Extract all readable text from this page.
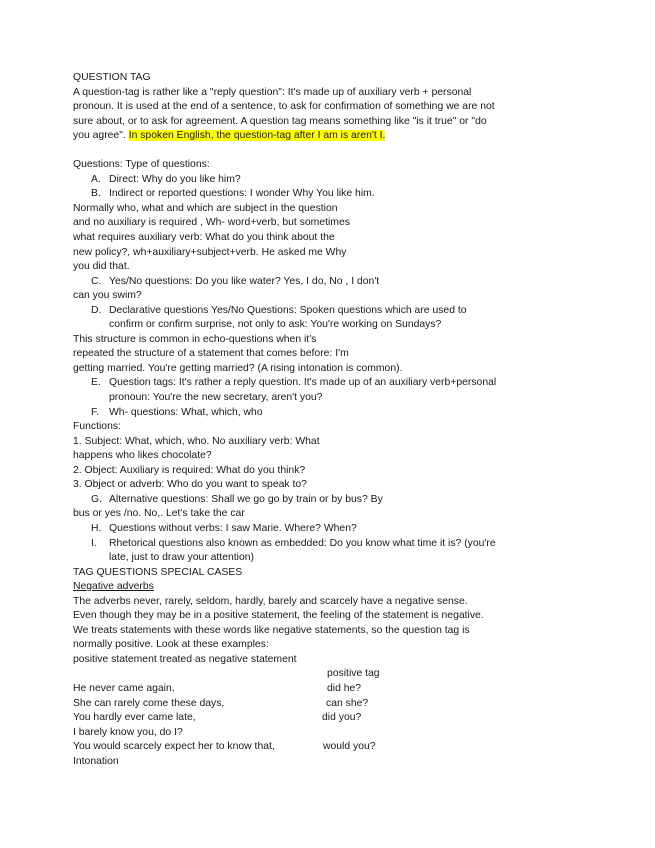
QUESTION TAG
A question-tag is rather like a "reply question": It's made up of auxiliary verb + personal
pronoun. It is used at the end of a sentence, to ask for confirmation of something we are not
sure about, or to ask for agreement. A question tag means something like "is it true" or "do
you agree". In spoken English, the question-tag after I am is aren't I.
Questions: Type of questions:
A. Direct: Why do you like him?
B. Indirect or reported questions: I wonder Why You like him.
Normally who, what and which are subject in the question
and no auxiliary is required , Wh- word+verb, but sometimes
what requires auxiliary verb: What do you think about the
new policy?, wh+auxiliary+subject+verb. He asked me Why
you did that.
C. Yes/No questions: Do you like water? Yes, I do, No , I don't
can you swim?
D. Declarative questions Yes/No Questions: Spoken questions which are used to
confirm or confirm surprise, not only to ask: You're working on Sundays?
This structure is common in echo-questions when it's
repeated the structure of a statement that comes before: I'm
getting married. You're getting married? (A rising intonation is common).
E. Question tags: It's rather a reply question. It's made up of an auxiliary verb+personal
pronoun: You're the new secretary, aren't you?
F. Wh- questions: What, which, who
Functions:
1. Subject: What, which, who. No auxiliary verb: What
happens who likes chocolate?
2. Object: Auxiliary is required: What do you think?
3. Object or adverb: Who do you want to speak to?
G. Alternative questions: Shall we go go by train or by bus? By
bus or yes /no. No,. Let's take the car
H. Questions without verbs: I saw Marie. Where? When?
I. Rhetorical questions also known as embedded: Do you know what time it is? (you're
late, just to draw your attention)
TAG QUESTIONS SPECIAL CASES
Negative adverbs
The adverbs never, rarely, seldom, hardly, barely and scarcely have a negative sense.
Even though they may be in a positive statement, the feeling of the statement is negative.
We treats statements with these words like negative statements, so the question tag is
normally positive. Look at these examples:
positive statement treated as negative statement
positive tag
He never came again,	did he?
She can rarely come these days,	can she?
You hardly ever came late,	did you?
I barely know you, do I?
You would scarcely expect her to know that,	would you?
Intonation
